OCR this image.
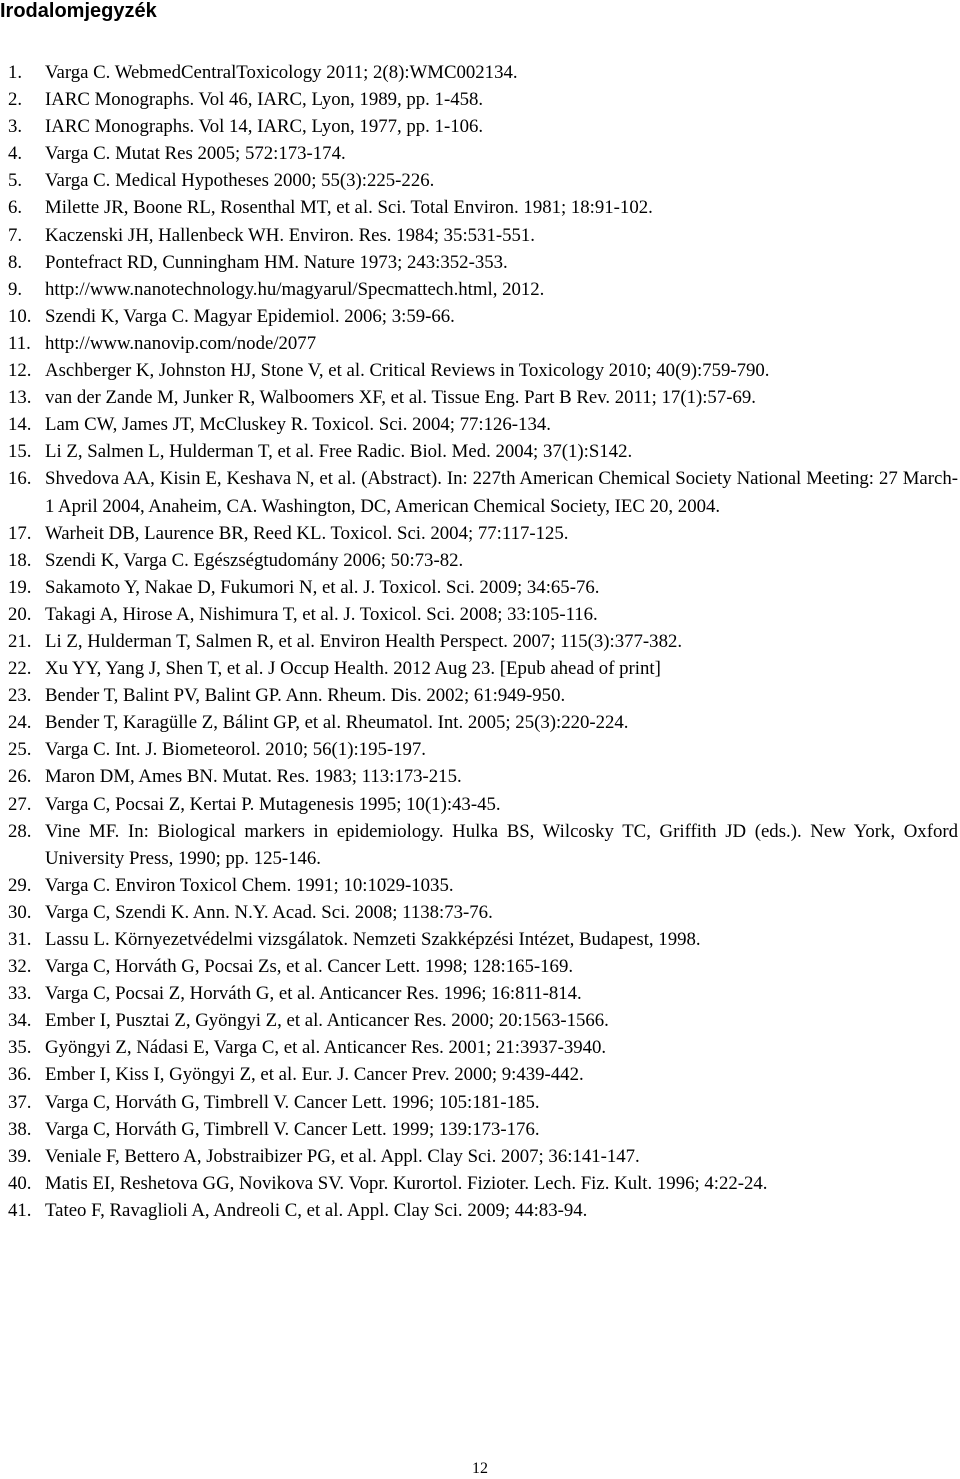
Irodalomjegyzék
1. Varga C. WebmedCentralToxicology 2011; 2(8):WMC002134.
2. IARC Monographs. Vol 46, IARC, Lyon, 1989, pp. 1-458.
3. IARC Monographs. Vol 14, IARC, Lyon, 1977, pp. 1-106.
4. Varga C. Mutat Res 2005; 572:173-174.
5. Varga C. Medical Hypotheses 2000; 55(3):225-226.
6. Milette JR, Boone RL, Rosenthal MT, et al. Sci. Total Environ. 1981; 18:91-102.
7. Kaczenski JH, Hallenbeck WH. Environ. Res. 1984; 35:531-551.
8. Pontefract RD, Cunningham HM. Nature 1973; 243:352-353.
9. http://www.nanotechnology.hu/magyarul/Specmattech.html, 2012.
10. Szendi K, Varga C. Magyar Epidemiol. 2006; 3:59-66.
11. http://www.nanovip.com/node/2077
12. Aschberger K, Johnston HJ, Stone V, et al. Critical Reviews in Toxicology 2010; 40(9):759-790.
13. van der Zande M, Junker R, Walboomers XF, et al. Tissue Eng. Part B Rev. 2011; 17(1):57-69.
14. Lam CW, James JT, McCluskey R. Toxicol. Sci. 2004; 77:126-134.
15. Li Z, Salmen L, Hulderman T, et al. Free Radic. Biol. Med. 2004; 37(1):S142.
16. Shvedova AA, Kisin E, Keshava N, et al. (Abstract). In: 227th American Chemical Society National Meeting: 27 March-1 April 2004, Anaheim, CA. Washington, DC, American Chemical Society, IEC 20, 2004.
17. Warheit DB, Laurence BR, Reed KL. Toxicol. Sci. 2004; 77:117-125.
18. Szendi K, Varga C. Egészségtudomány 2006; 50:73-82.
19. Sakamoto Y, Nakae D, Fukumori N, et al. J. Toxicol. Sci. 2009; 34:65-76.
20. Takagi A, Hirose A, Nishimura T, et al. J. Toxicol. Sci. 2008; 33:105-116.
21. Li Z, Hulderman T, Salmen R, et al. Environ Health Perspect. 2007; 115(3):377-382.
22. Xu YY, Yang J, Shen T, et al. J Occup Health. 2012 Aug 23. [Epub ahead of print]
23. Bender T, Balint PV, Balint GP. Ann. Rheum. Dis. 2002; 61:949-950.
24. Bender T, Karagülle Z, Bálint GP, et al. Rheumatol. Int. 2005; 25(3):220-224.
25. Varga C. Int. J. Biometeorol. 2010; 56(1):195-197.
26. Maron DM, Ames BN. Mutat. Res. 1983; 113:173-215.
27. Varga C, Pocsai Z, Kertai P. Mutagenesis 1995; 10(1):43-45.
28. Vine MF. In: Biological markers in epidemiology. Hulka BS, Wilcosky TC, Griffith JD (eds.). New York, Oxford University Press, 1990; pp. 125-146.
29. Varga C. Environ Toxicol Chem. 1991; 10:1029-1035.
30. Varga C, Szendi K. Ann. N.Y. Acad. Sci. 2008; 1138:73-76.
31. Lassu L. Környezetvédelmi vizsgálatok. Nemzeti Szakképzési Intézet, Budapest, 1998.
32. Varga C, Horváth G, Pocsai Zs, et al. Cancer Lett. 1998; 128:165-169.
33. Varga C, Pocsai Z, Horváth G, et al. Anticancer Res. 1996; 16:811-814.
34. Ember I, Pusztai Z, Gyöngyi Z, et al. Anticancer Res. 2000; 20:1563-1566.
35. Gyöngyi Z, Nádasi E, Varga C, et al. Anticancer Res. 2001; 21:3937-3940.
36. Ember I, Kiss I, Gyöngyi Z, et al. Eur. J. Cancer Prev. 2000; 9:439-442.
37. Varga C, Horváth G, Timbrell V. Cancer Lett. 1996; 105:181-185.
38. Varga C, Horváth G, Timbrell V. Cancer Lett. 1999; 139:173-176.
39. Veniale F, Bettero A, Jobstraibizer PG, et al. Appl. Clay Sci. 2007; 36:141-147.
40. Matis EI, Reshetova GG, Novikova SV. Vopr. Kurortol. Fizioter. Lech. Fiz. Kult. 1996; 4:22-24.
41. Tateo F, Ravaglioli A, Andreoli C, et al. Appl. Clay Sci. 2009; 44:83-94.
12
